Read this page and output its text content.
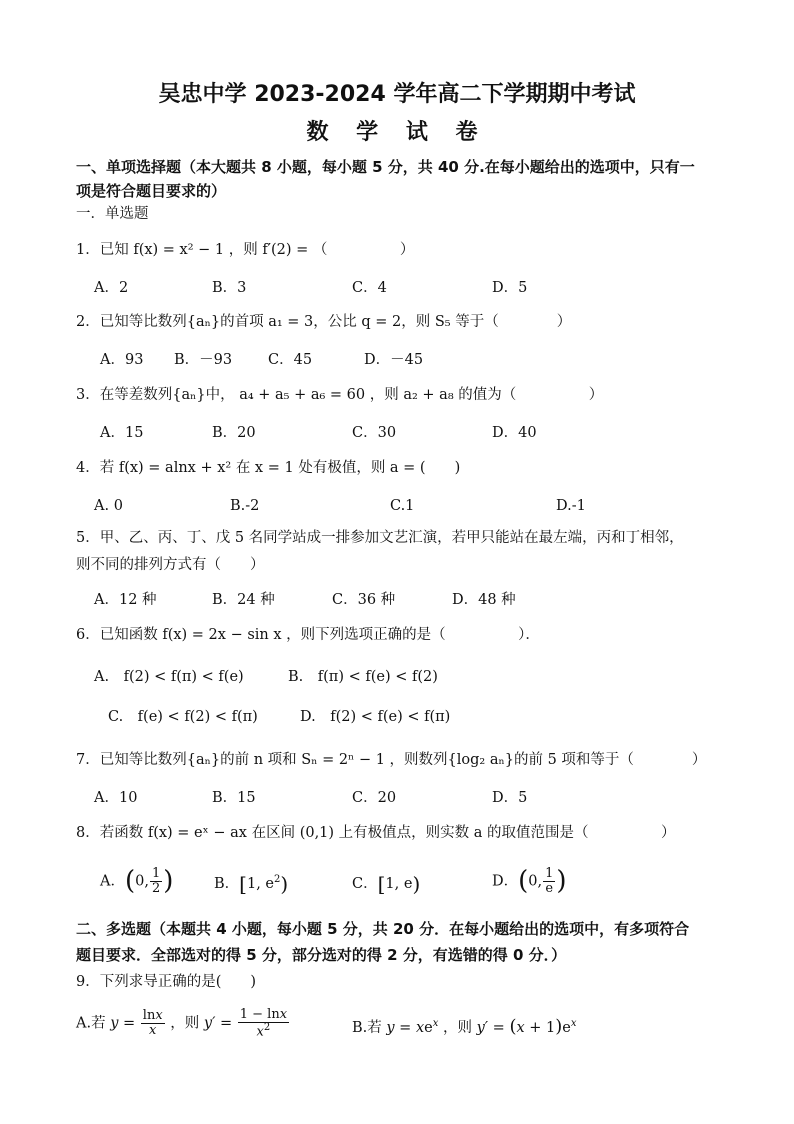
吴忠中学 2023-2024 学年高二下学期期中考试
数 学 试 卷
一、单项选择题（本大题共 8 小题，每小题 5 分，共 40 分.在每小题给出的选项中，只有一
项是符合题目要求的）
一．单选题
1．已知 f(x) = x² − 1 ，则 f′(2) = （　　　　　）
A．2	B．3	C．4	D．5
2．已知等比数列{aₙ}的首项 a₁ = 3，公比 q = 2，则 S₅ 等于（　　　　）
A．93 B．－93 C．45	D．－45
3．在等差数列{aₙ}中， a₄ + a₅ + a₆ = 60 ，则 a₂ + a₈ 的值为（　　　　　）
A．15	B．20	C．30	D．40
4．若 f(x) = alnx + x² 在 x = 1 处有极值，则 a = (　　)
A. 0	B.-2	C.1	D.-1
5．甲、乙、丙、丁、戊 5 名同学站成一排参加文艺汇演，若甲只能站在最左端，丙和丁相邻，
则不同的排列方式有（　　）
A．12 种	B．24 种	C．36 种	D．48 种
6．已知函数 f(x) = 2x − sin x ，则下列选项正确的是（　　　　　）．
A.　f(2) < f(π) < f(e)	B.　f(π) < f(e) < f(2)
C.　f(e) < f(2) < f(π)	D.　f(2) < f(e) < f(π)
7．已知等比数列{aₙ}的前 n 项和 Sₙ = 2ⁿ − 1 ，则数列{log₂ aₙ}的前 5 项和等于（　　　　）
A．10	B．15	C．20	D．5
8．若函数 f(x) = eˣ − ax 在区间 (0,1) 上有极值点，则实数 a 的取值范围是（　　　　　）
A．(0, $\frac{1}{2}$ )	B．[1, $e^2$)	C．[1, e)	D．(0, $\frac{1}{e}$ )
二、多选题（本题共 4 小题，每小题 5 分，共 20 分．在每小题给出的选项中，有多项符合
题目要求．全部选对的得 5 分，部分选对的得 2 分，有选错的得 0 分．）
9．下列求导正确的是(　　)
A.若 $y = \frac{\ln x}{x}$ ，则 $y' = \frac{1 - \ln x}{x^2}$	B.若 $y = xe^x$ ，则 $y' = (x + 1)e^x$
